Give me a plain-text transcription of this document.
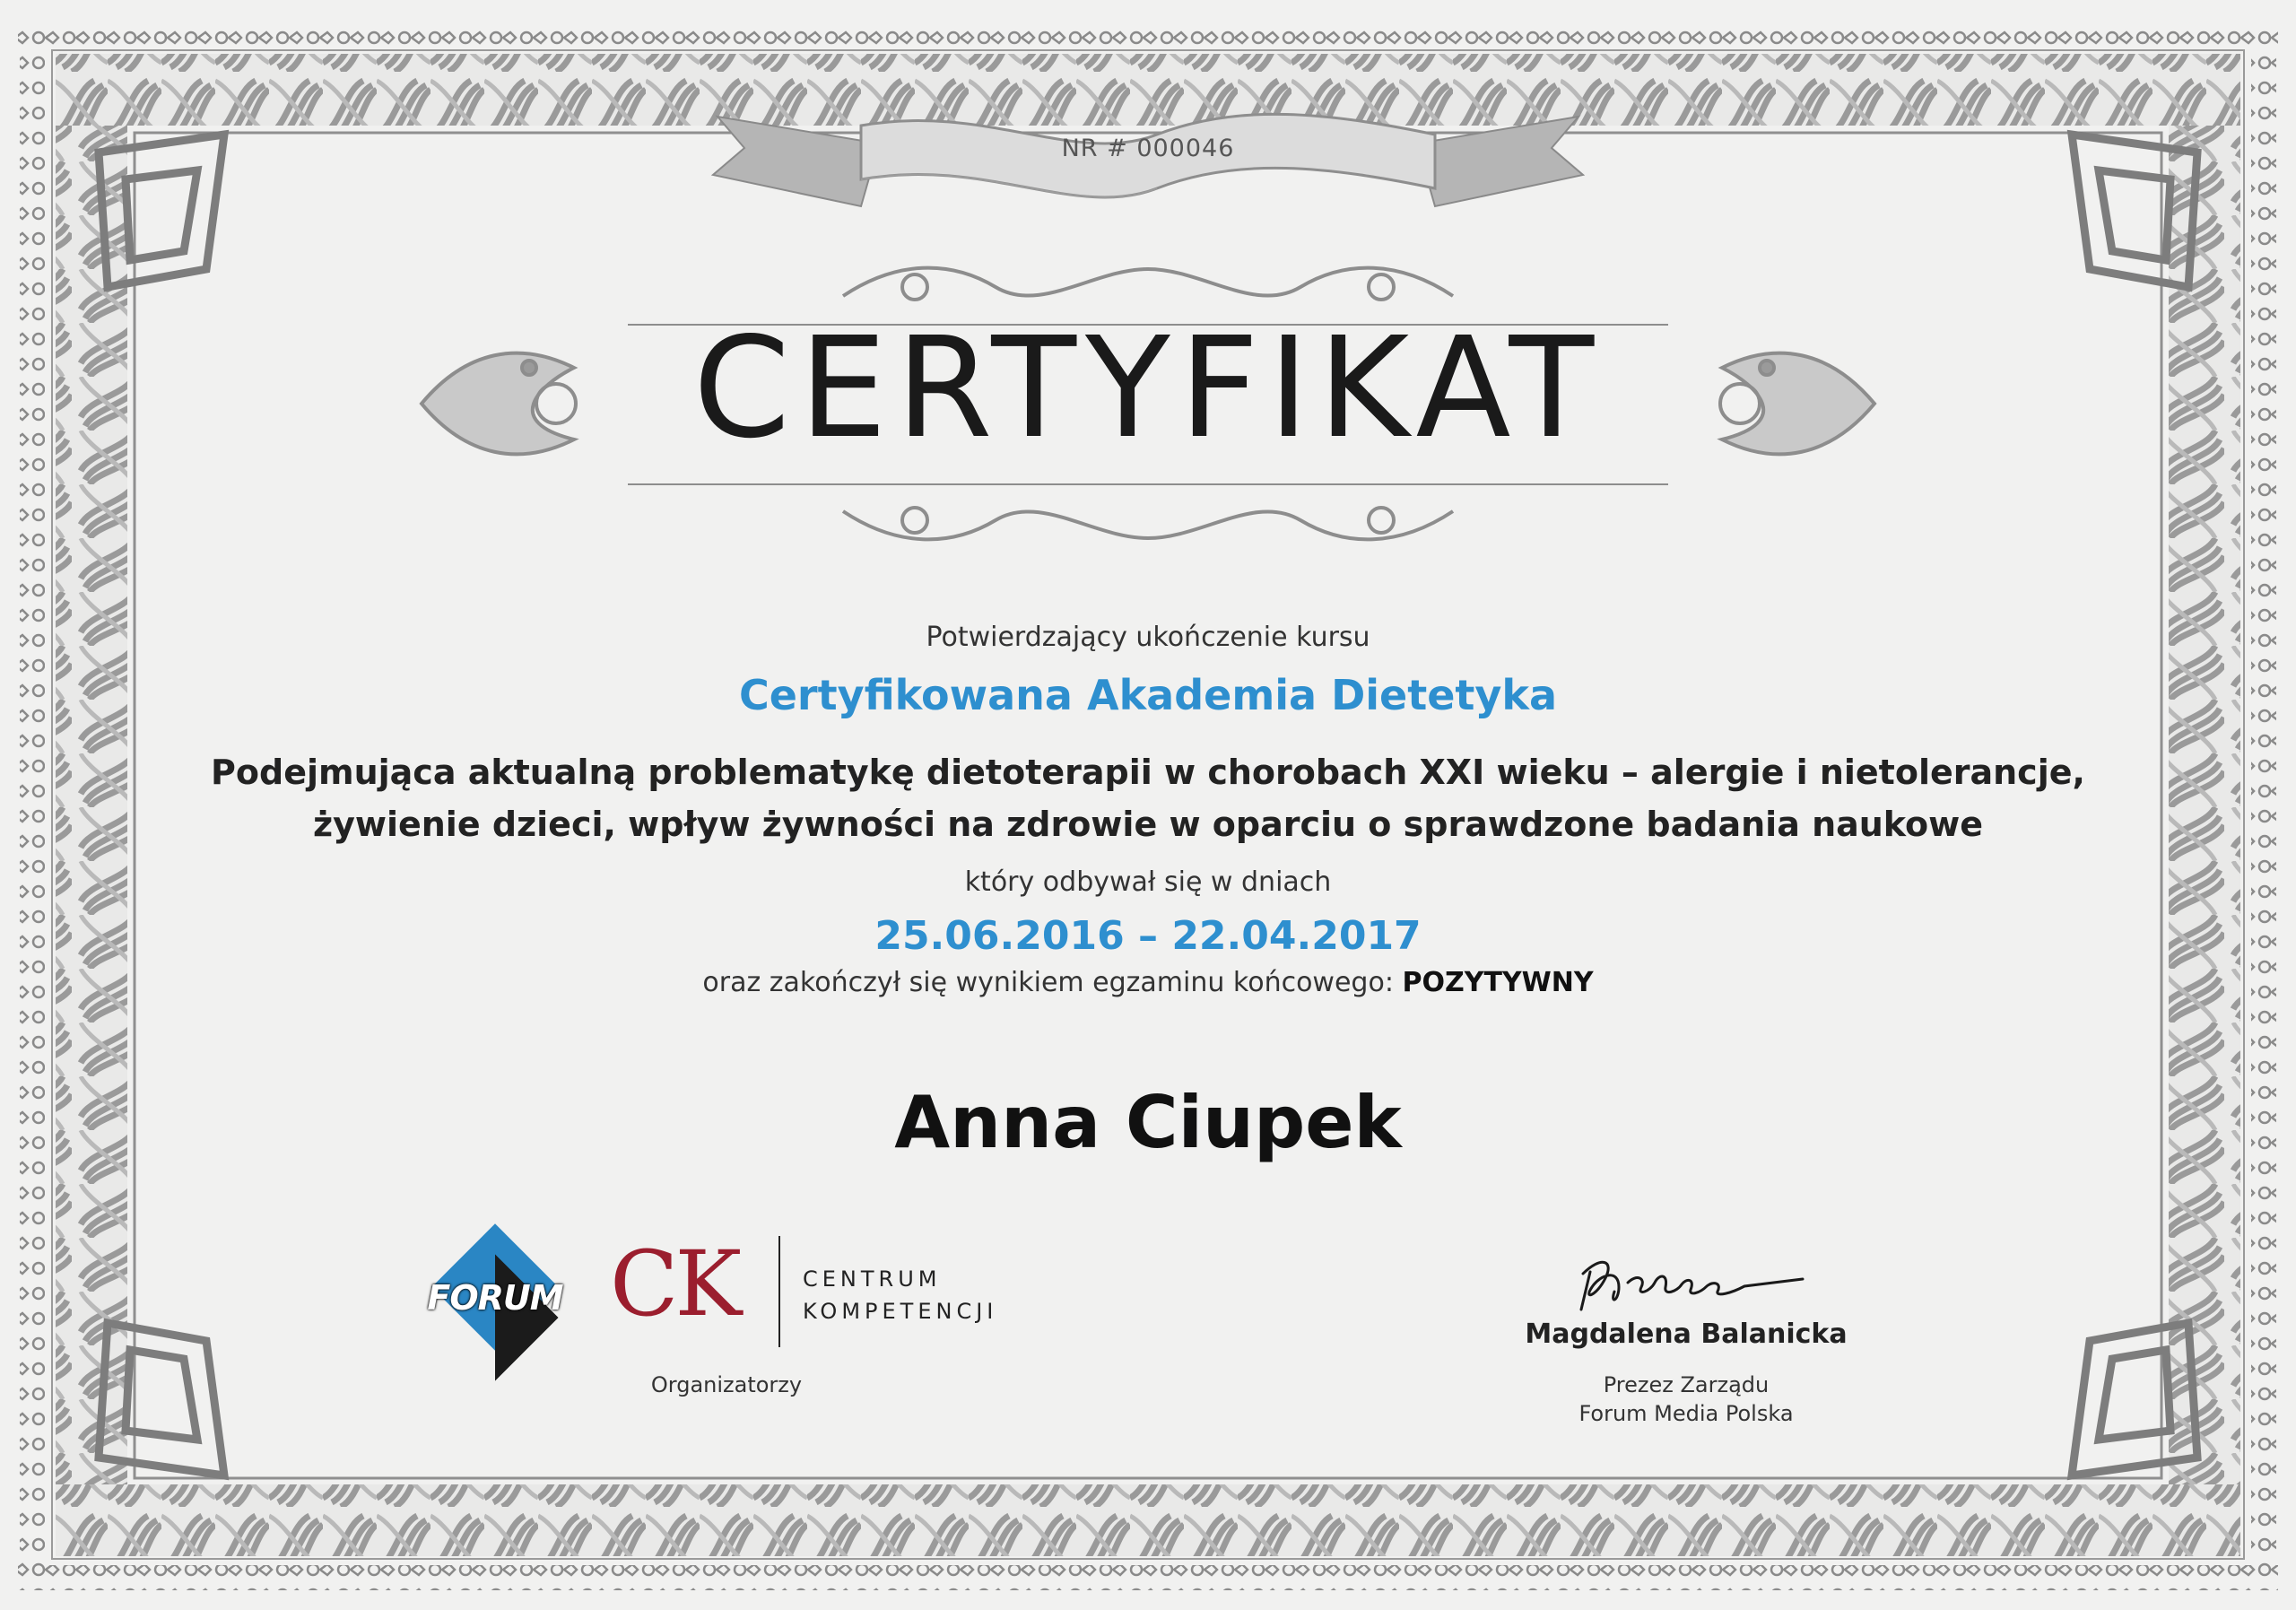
NR # 000046
CERTYFIKAT
Potwierdzający ukończenie kursu
Certyfikowana Akademia Dietetyka
Podejmująca aktualną problematykę dietoterapii w chorobach XXI wieku – alergie i nietolerancje,
żywienie dzieci, wpływ żywności na zdrowie w oparciu o sprawdzone badania naukowe
który odbywał się w dniach
25.06.2016 – 22.04.2017
oraz zakończył się wynikiem egzaminu końcowego: POZYTYWNY
Anna Ciupek
FORUM CK	CENTRUM
KOMPETENCJI
Organizatorzy
Magdalena Balanicka
Prezez Zarządu
Forum Media Polska
